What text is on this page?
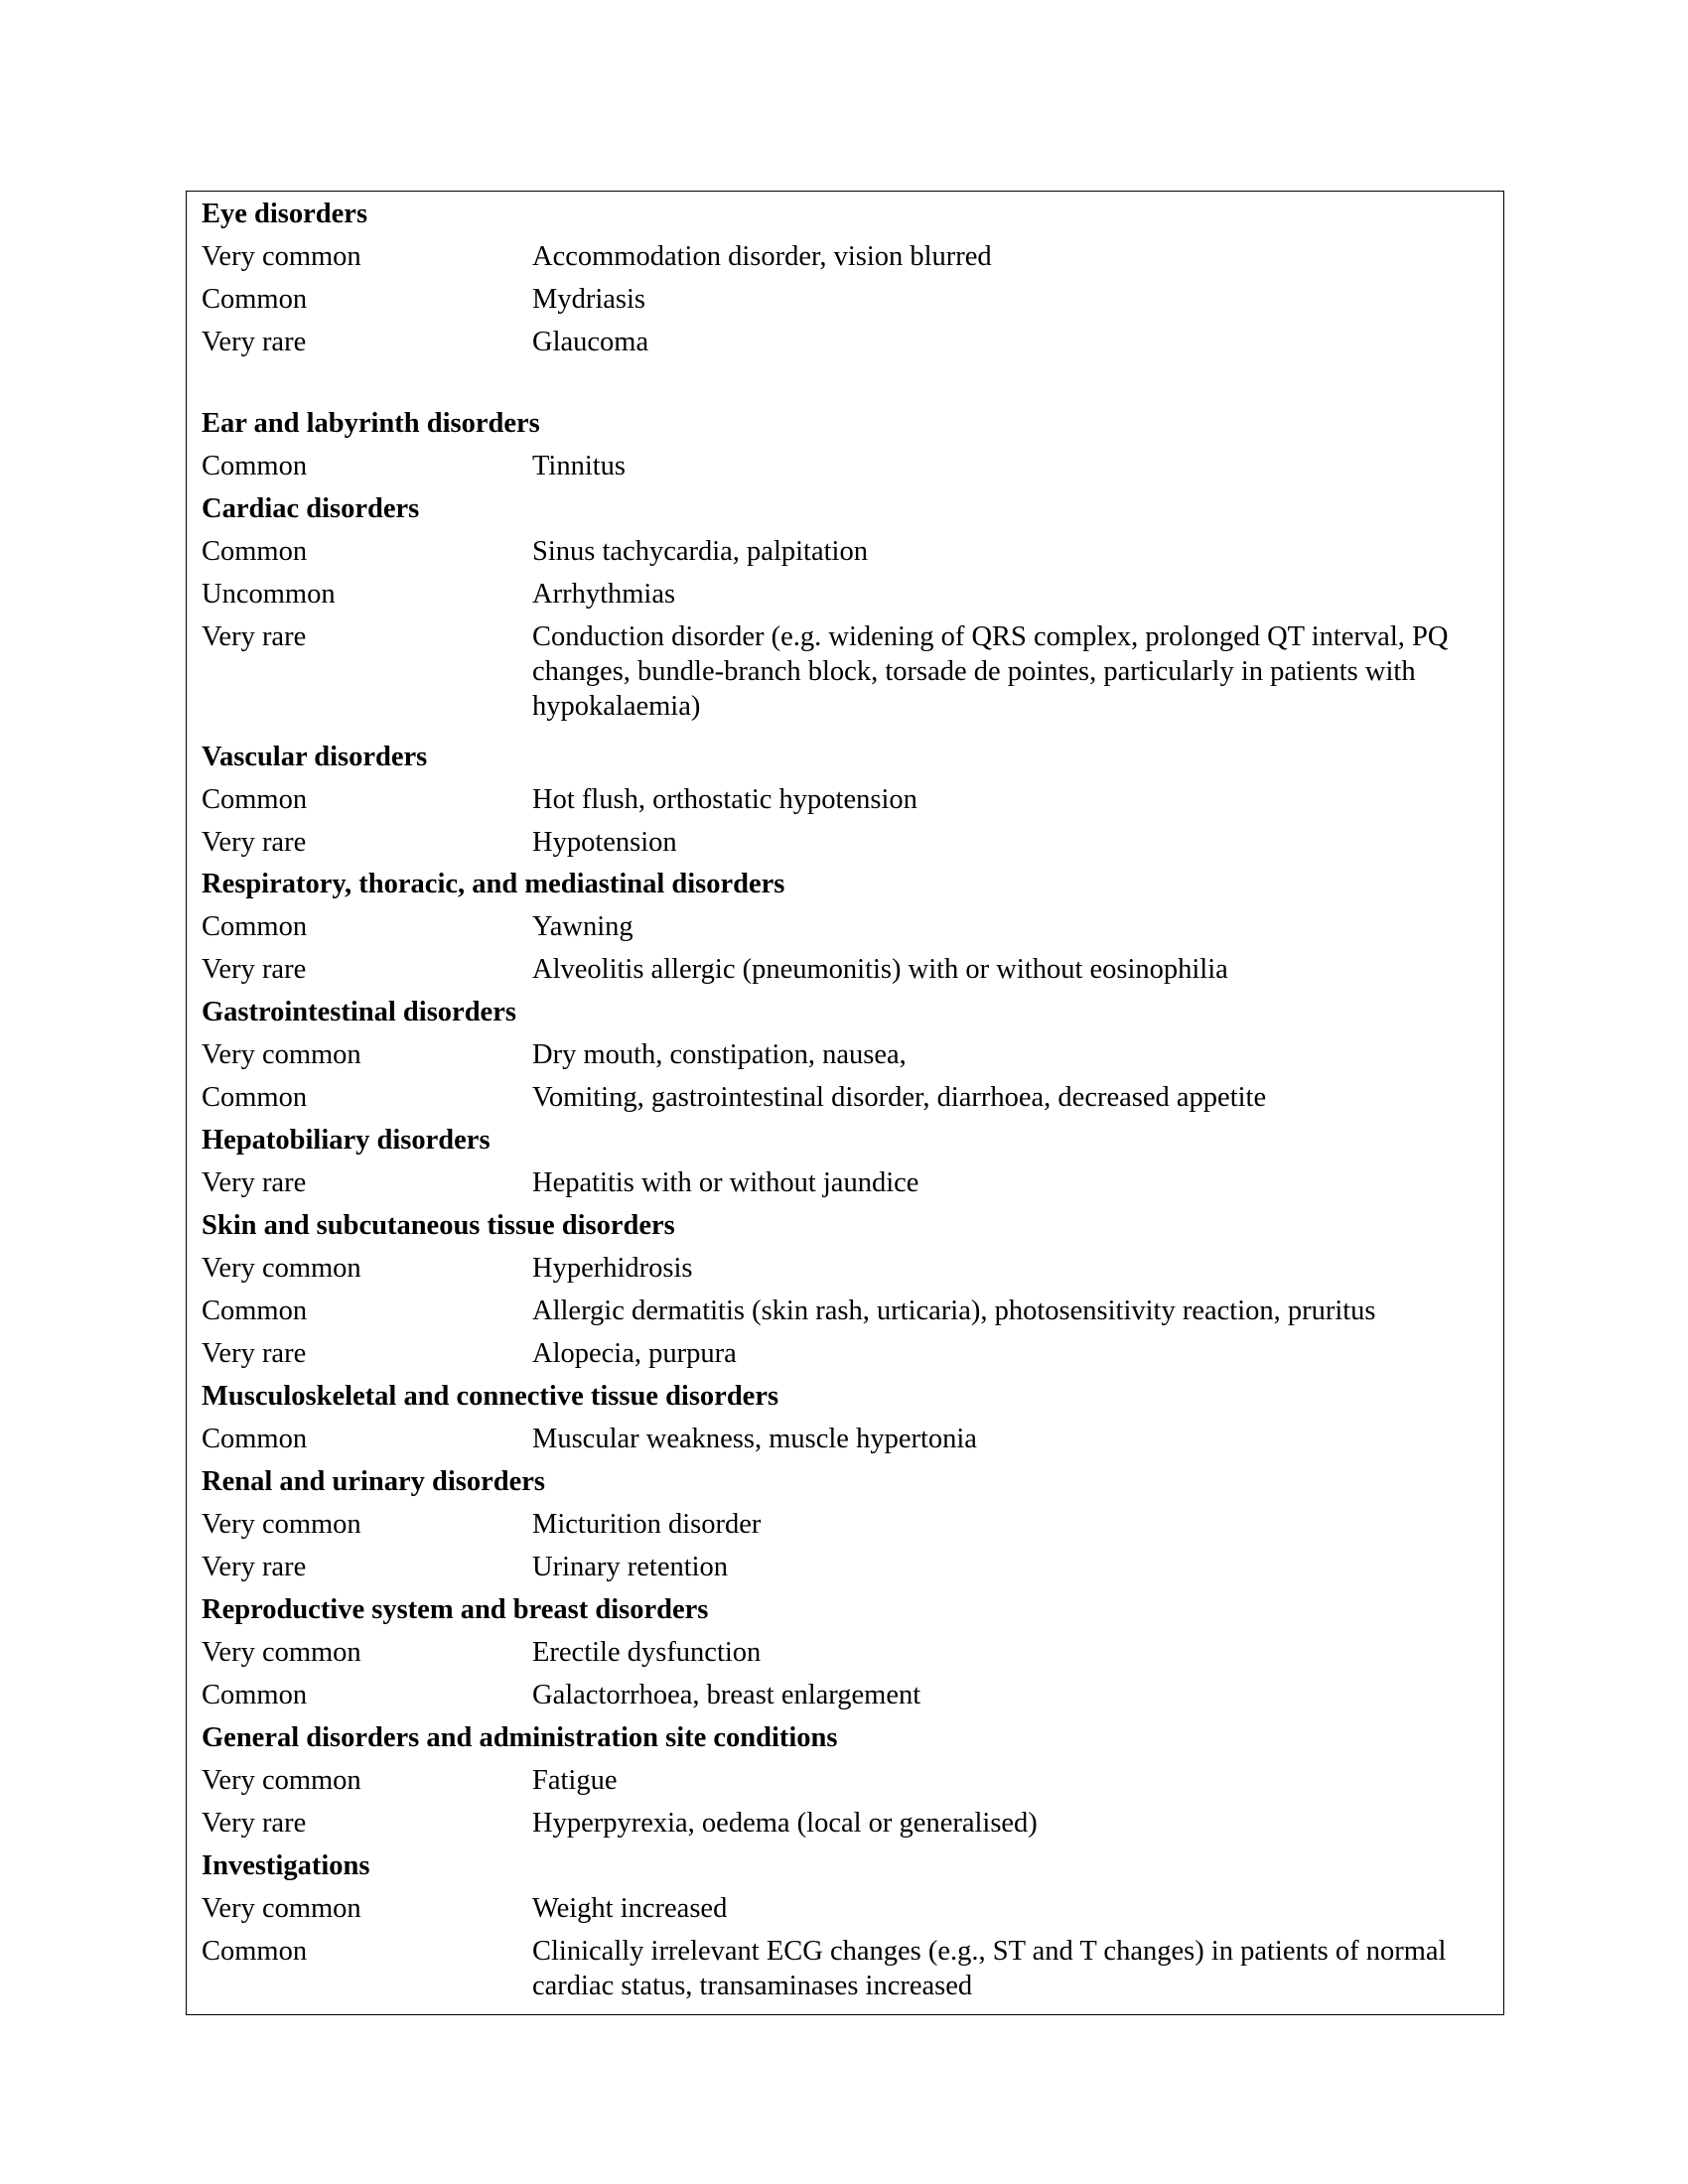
Eye disorders
Very common	Accommodation disorder, vision blurred
Common	Mydriasis
Very rare	Glaucoma
Ear and labyrinth disorders
Common	Tinnitus
Cardiac disorders
Common	Sinus tachycardia, palpitation
Uncommon	Arrhythmias
Very rare	Conduction disorder (e.g. widening of QRS complex, prolonged QT interval, PQ changes, bundle-branch block, torsade de pointes, particularly in patients with hypokalaemia)
Vascular disorders
Common	Hot flush, orthostatic hypotension
Very rare	Hypotension
Respiratory, thoracic, and mediastinal disorders
Common	Yawning
Very rare	Alveolitis allergic (pneumonitis) with or without eosinophilia
Gastrointestinal disorders
Very common	Dry mouth, constipation, nausea,
Common	Vomiting, gastrointestinal disorder, diarrhoea, decreased appetite
Hepatobiliary disorders
Very rare	Hepatitis with or without jaundice
Skin and subcutaneous tissue disorders
Very common	Hyperhidrosis
Common	Allergic dermatitis (skin rash, urticaria), photosensitivity reaction, pruritus
Very rare	Alopecia, purpura
Musculoskeletal and connective tissue disorders
Common	Muscular weakness, muscle hypertonia
Renal and urinary disorders
Very common	Micturition disorder
Very rare	Urinary retention
Reproductive system and breast disorders
Very common	Erectile dysfunction
Common	Galactorrhoea, breast enlargement
General disorders and administration site conditions
Very common	Fatigue
Very rare	Hyperpyrexia, oedema (local or generalised)
Investigations
Very common	Weight increased
Common	Clinically irrelevant ECG changes (e.g., ST and T changes) in patients of normal cardiac status, transaminases increased
